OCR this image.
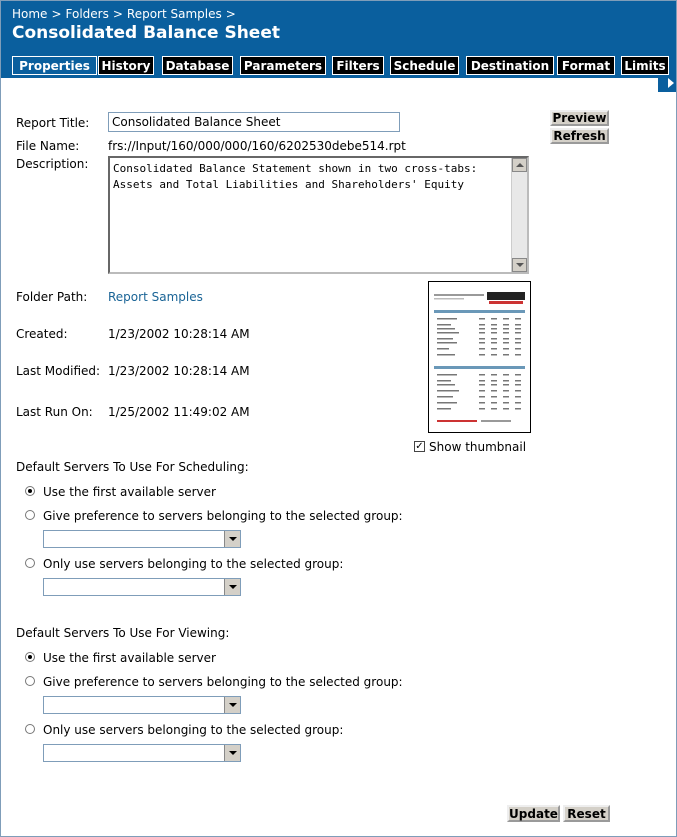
Home > Folders > Report Samples >
Consolidated Balance Sheet
Properties History Database	Parameters	Filters	Schedule	Destination	Format	Limits
Report Title:	Consolidated Balance Sheet	Preview
Refresh
File Name: frs://Input/160/000/000/160/6202530debe514.rpt
Description: Consolidated Balance Statement shown in two cross-tabs: Assets and Total Liabilities and Shareholders' Equity
Folder Path: Report Samples
Created:	1/23/2002 10:28:14 AM
Last Modified: 1/23/2002 10:28:14 AM
Last Run On: 1/25/2002 11:49:02 AM
✓ Show thumbnail
Default Servers To Use For Scheduling:
Use the first available server
Give preference to servers belonging to the selected group:
Only use servers belonging to the selected group:
Default Servers To Use For Viewing:
Use the first available server
Give preference to servers belonging to the selected group:
Only use servers belonging to the selected group:
Update Reset
